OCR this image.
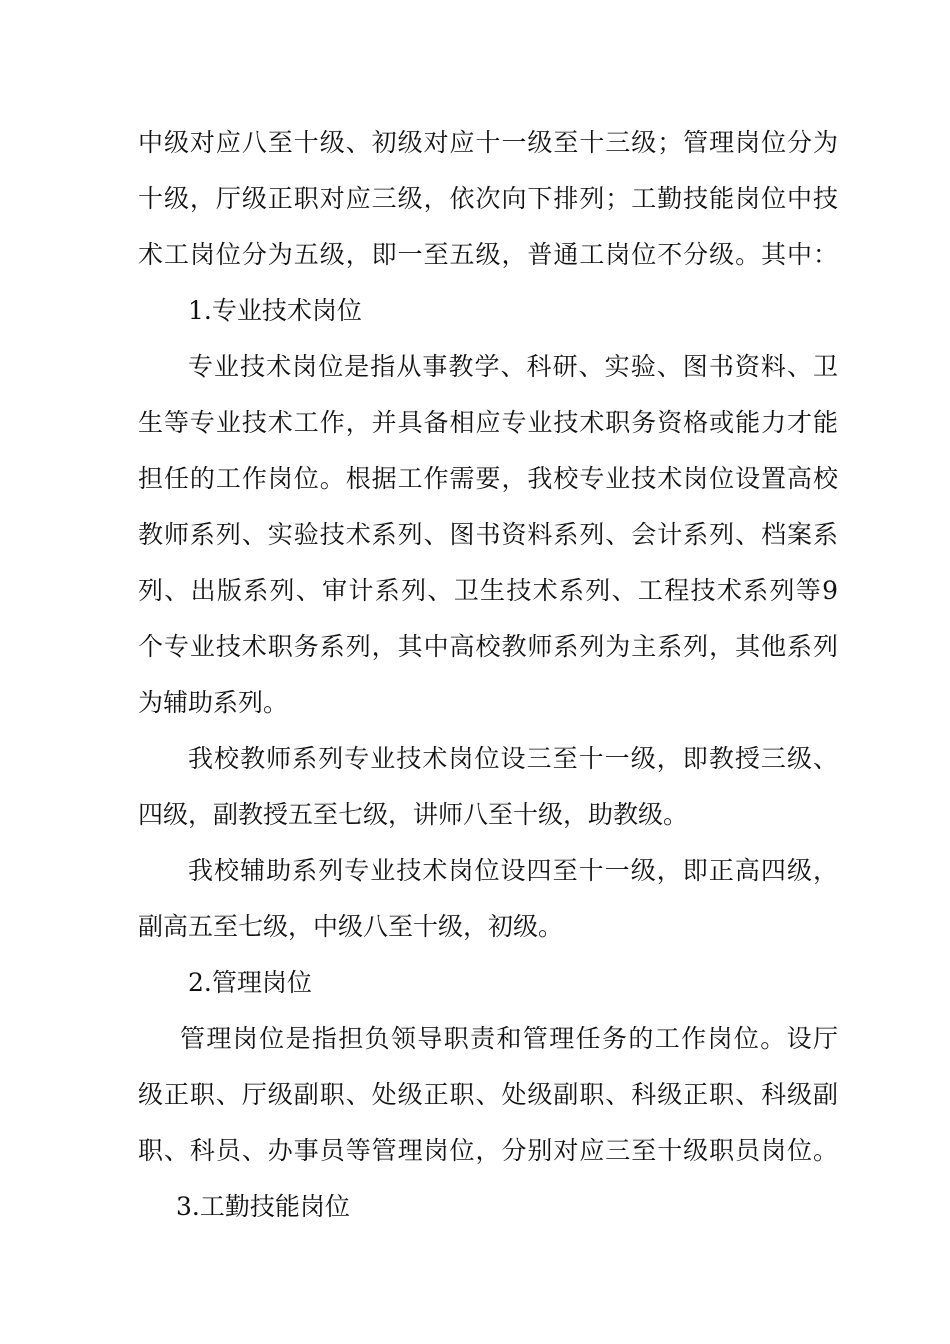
中级对应八至十级、初级对应十一级至十三级；管理岗位分为
十级，厅级正职对应三级，依次向下排列；工勤技能岗位中技
术工岗位分为五级，即一至五级，普通工岗位不分级。其中：
1.专业技术岗位
专业技术岗位是指从事教学、科研、实验、图书资料、卫
生等专业技术工作，并具备相应专业技术职务资格或能力才能
担任的工作岗位。根据工作需要，我校专业技术岗位设置高校
教师系列、实验技术系列、图书资料系列、会计系列、档案系
列、出版系列、审计系列、卫生技术系列、工程技术系列等9
个专业技术职务系列，其中高校教师系列为主系列，其他系列
为辅助系列。
我校教师系列专业技术岗位设三至十一级，即教授三级、
四级，副教授五至七级，讲师八至十级，助教级。
我校辅助系列专业技术岗位设四至十一级，即正高四级，
副高五至七级，中级八至十级，初级。
2.管理岗位
管理岗位是指担负领导职责和管理任务的工作岗位。设厅
级正职、厅级副职、处级正职、处级副职、科级正职、科级副
职、科员、办事员等管理岗位，分别对应三至十级职员岗位。
3.工勤技能岗位
